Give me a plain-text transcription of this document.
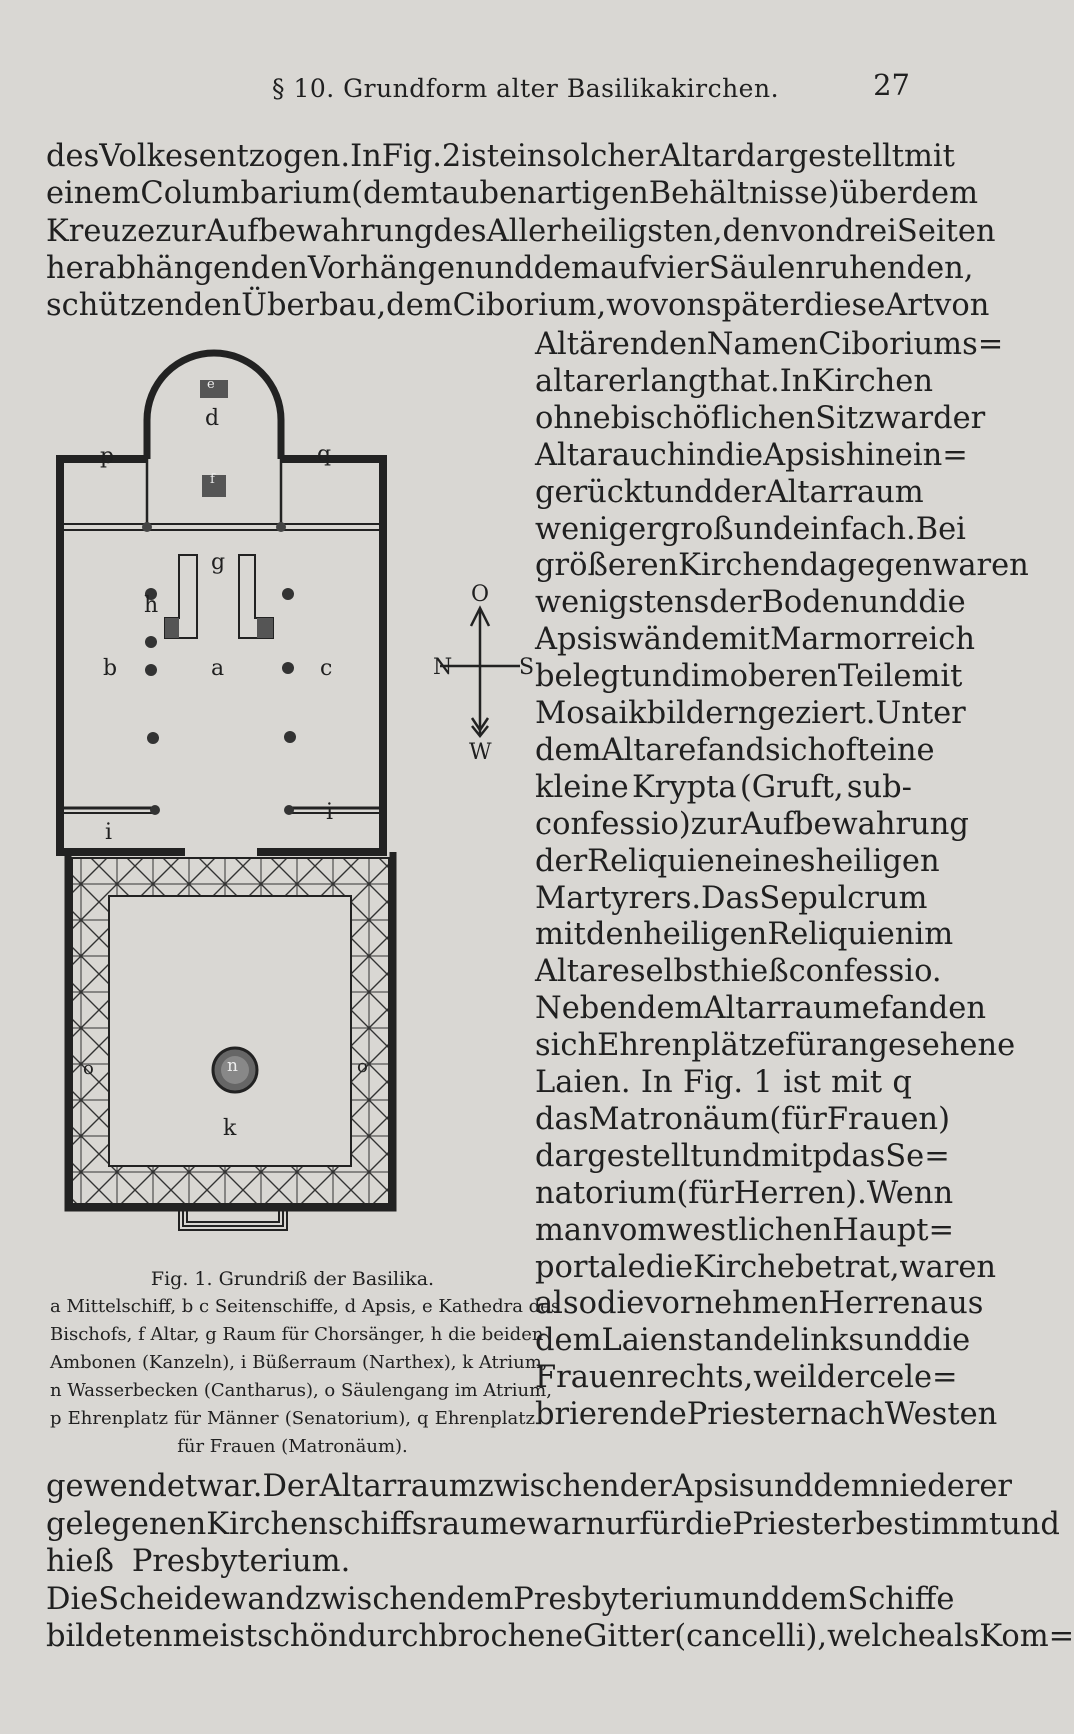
§ 10. Grundform alter Basilikakirchen.	27
des Volkes entzogen. In Fig. 2 ist ein solcher Altar dargestellt mit
einem Columbarium (dem taubenartigen Behältnisse) über dem
Kreuze zur Aufbewahrung des Allerheiligsten, den von drei Seiten
herabhängenden Vorhängen und dem auf vier Säulen ruhenden,
schützenden Überbau, dem Ciborium, wovon später diese Art von
Altären den Namen Ciboriums=
altar erlangt hat. In Kirchen
ohne bischöflichen Sitz war der
Altar auch in die Apsis hinein=
gerückt und der Altarraum
weniger groß und einfach. Bei
größeren Kirchen dagegen waren
wenigstens der Boden und die
Apsiswände mit Marmor reich
belegt und im oberen Teile mit
Mosaikbildern geziert. Unter
dem Altare fand sich oft eine
kleine Krypta (Gruft, sub-
confessio) zur Aufbewahrung
der Reliquien eines heiligen
Martyrers. Das Sepulcrum
mit den heiligen Reliquien im
Altare selbst hieß confessio.
Neben dem Altarraume fanden
sich Ehrenplätze für angesehene
Laien. In Fig. 1 ist mit q
das Matronäum (für Frauen)
dargestellt und mit p das Se=
natorium (für Herren). Wenn
man vom westlichen Haupt=
portale die Kirche betrat, waren
also die vornehmen Herren aus
dem Laienstande links und die
Frauen rechts, weil der cele=
brierende Priester nach Westen
gewendet war. Der Altarraum zwischen der Apsis und dem niederer
gelegenen Kirchenschiffsraume war nur für die Priester bestimmt und
hieß Presbyterium.
Die Scheidewand zwischen dem Presbyterium und dem Schiffe
bildeten meist schön durchbrochene Gitter (cancelli), welche als Kom=
d
e
f
p	q
g
h
b	a	c
i
i
o	o
n
k
O
N	S
W
Fig. 1. Grundriß der Basilika.
a Mittelschiff, b c Seitenschiffe, d Apsis, e Kathedra des
Bischofs, f Altar, g Raum für Chorsänger, h die beiden
Ambonen (Kanzeln), i Büßerraum (Narthex), k Atrium,
n Wasserbecken (Cantharus), o Säulengang im Atrium,
p Ehrenplatz für Männer (Senatorium), q Ehrenplatz
für Frauen (Matronäum).
